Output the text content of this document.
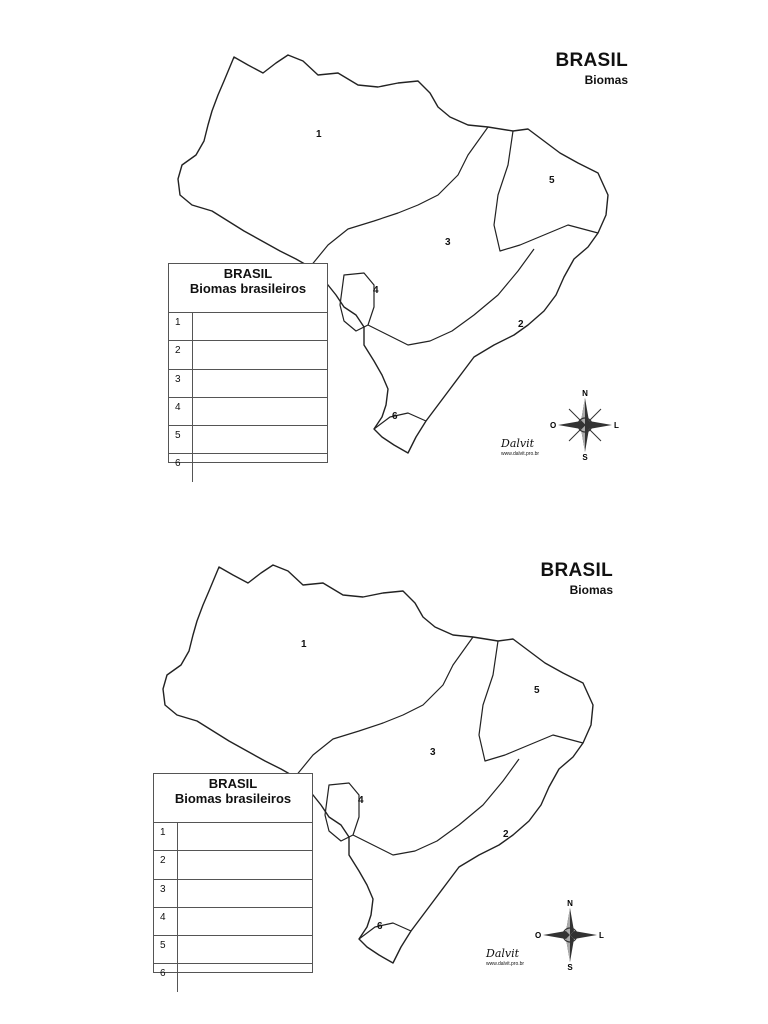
1
2
3
4
5
6
BRASIL
Biomas
BRASIL
Biomas brasileiros
1
2
3
4
5
6
Dalvit
www.dalvit.pro.br
N
S
O	L
1
2
3
4
5
6
BRASIL
Biomas
BRASIL
Biomas brasileiros
1
2
3
4
5
6
Dalvit
www.dalvit.pro.br
N
S
O	L
